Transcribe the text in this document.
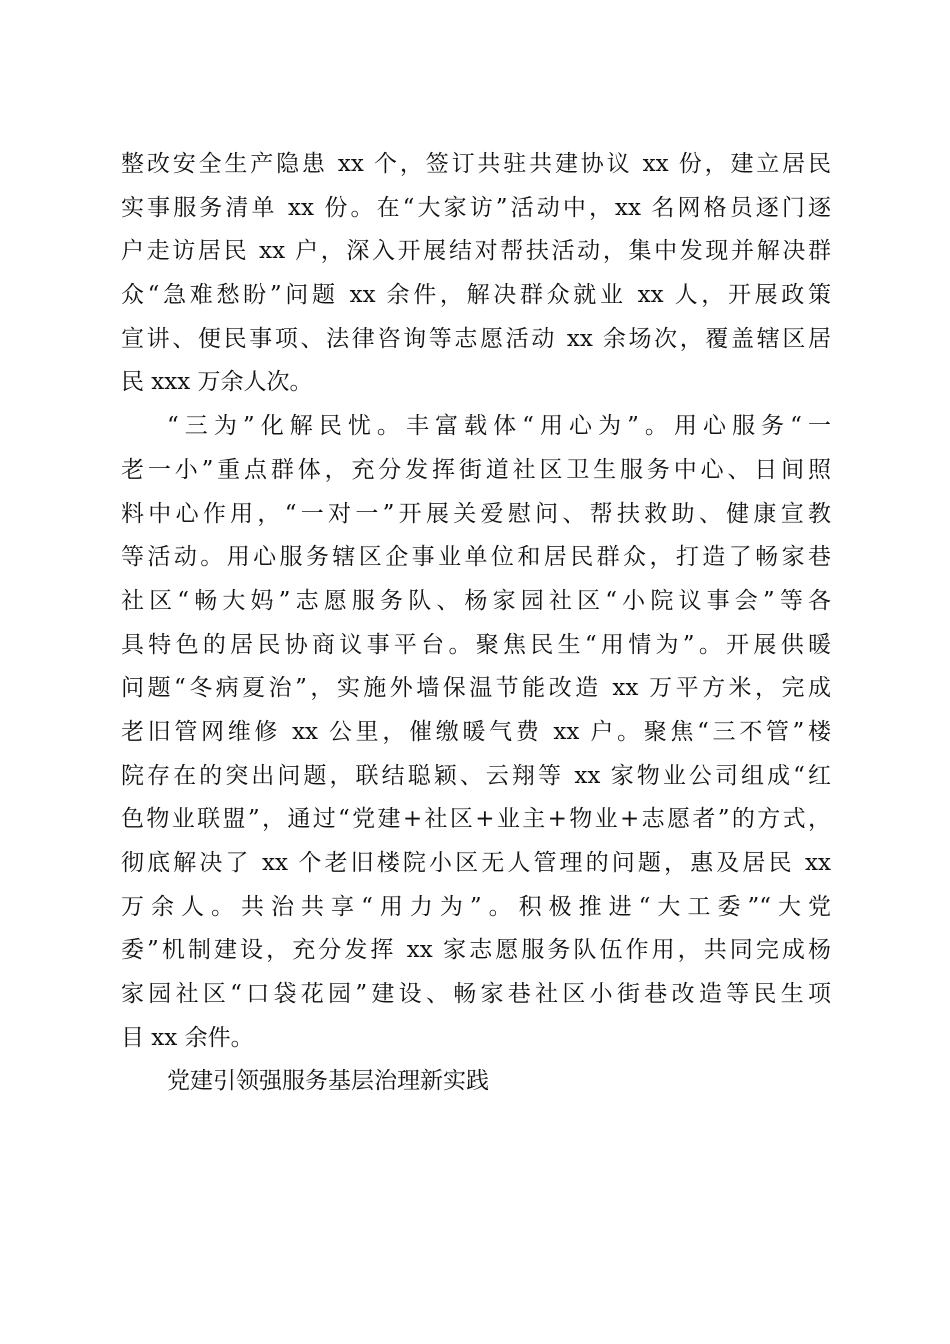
整改安全生产隐患 xx 个，签订共驻共建协议 xx 份，建立居民
实事服务清单 xx 份。在“大家访”活动中，xx 名网格员逐门逐
户走访居民 xx 户，深入开展结对帮扶活动，集中发现并解决群
众“急难愁盼”问题 xx 余件，解决群众就业 xx 人，开展政策
宣讲、便民事项、法律咨询等志愿活动 xx 余场次，覆盖辖区居
民 xxx 万余人次。
“三为”化解民忧。丰富载体“用心为”。用心服务“一
老一小”重点群体，充分发挥街道社区卫生服务中心、日间照
料中心作用，“一对一”开展关爱慰问、帮扶救助、健康宣教
等活动。用心服务辖区企事业单位和居民群众，打造了畅家巷
社区“畅大妈”志愿服务队、杨家园社区“小院议事会”等各
具特色的居民协商议事平台。聚焦民生“用情为”。开展供暖
问题“冬病夏治”，实施外墙保温节能改造 xx 万平方米，完成
老旧管网维修 xx 公里，催缴暖气费 xx 户。聚焦“三不管”楼
院存在的突出问题，联结聪颖、云翔等 xx 家物业公司组成“红
色物业联盟”，通过“党建+社区+业主+物业+志愿者”的方式，
彻底解决了 xx 个老旧楼院小区无人管理的问题，惠及居民 xx
万余人。共治共享“用力为”。积极推进“大工委”“大党
委”机制建设，充分发挥 xx 家志愿服务队伍作用，共同完成杨
家园社区“口袋花园”建设、畅家巷社区小街巷改造等民生项
目 xx 余件。
党建引领强服务基层治理新实践
